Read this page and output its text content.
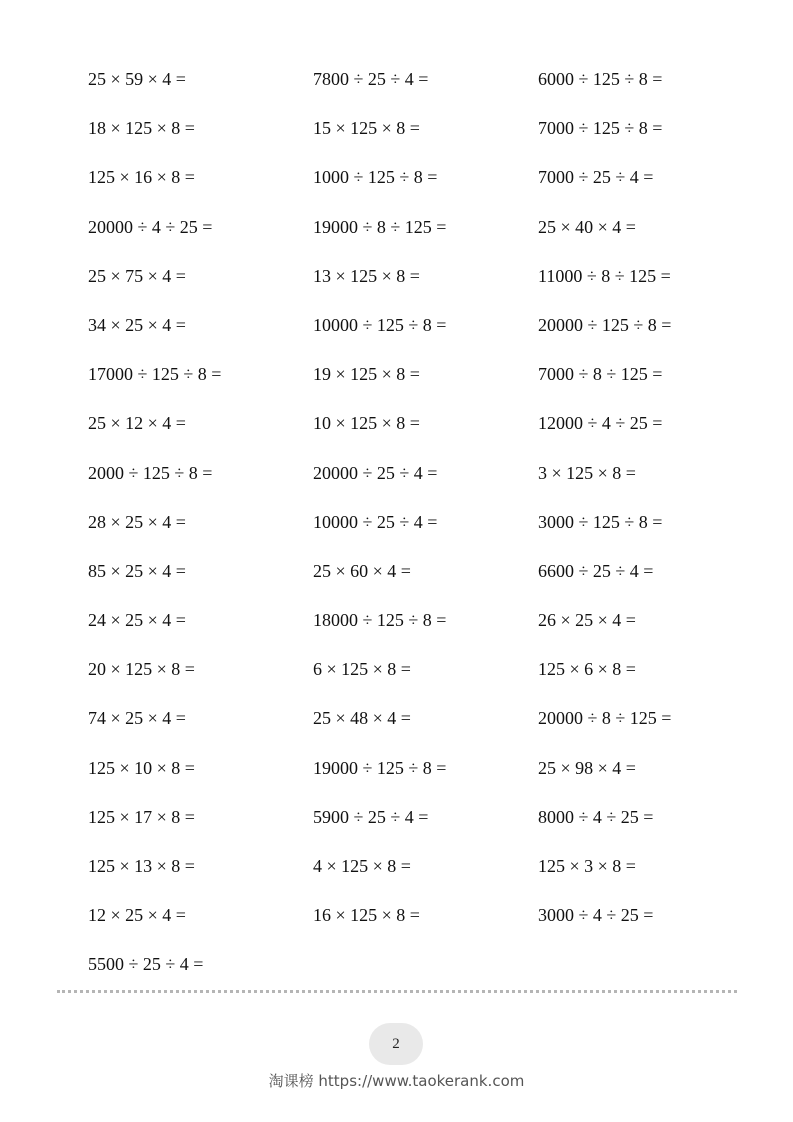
25 × 59 × 4 =	7800 ÷ 25 ÷ 4 =	6000 ÷ 125 ÷ 8 =
18 × 125 × 8 =	15 × 125 × 8 =	7000 ÷ 125 ÷ 8 =
125 × 16 × 8 =	1000 ÷ 125 ÷ 8 =	7000 ÷ 25 ÷ 4 =
20000 ÷ 4 ÷ 25 =	19000 ÷ 8 ÷ 125 =	25 × 40 × 4 =
25 × 75 × 4 =	13 × 125 × 8 =	11000 ÷ 8 ÷ 125 =
34 × 25 × 4 =	10000 ÷ 125 ÷ 8 =	20000 ÷ 125 ÷ 8 =
17000 ÷ 125 ÷ 8 =	19 × 125 × 8 =	7000 ÷ 8 ÷ 125 =
25 × 12 × 4 =	10 × 125 × 8 =	12000 ÷ 4 ÷ 25 =
2000 ÷ 125 ÷ 8 =	20000 ÷ 25 ÷ 4 =	3 × 125 × 8 =
28 × 25 × 4 =	10000 ÷ 25 ÷ 4 =	3000 ÷ 125 ÷ 8 =
85 × 25 × 4 =	25 × 60 × 4 =	6600 ÷ 25 ÷ 4 =
24 × 25 × 4 =	18000 ÷ 125 ÷ 8 =	26 × 25 × 4 =
20 × 125 × 8 =	6 × 125 × 8 =	125 × 6 × 8 =
74 × 25 × 4 =	25 × 48 × 4 =	20000 ÷ 8 ÷ 125 =
125 × 10 × 8 =	19000 ÷ 125 ÷ 8 =	25 × 98 × 4 =
125 × 17 × 8 =	5900 ÷ 25 ÷ 4 =	8000 ÷ 4 ÷ 25 =
125 × 13 × 8 =	4 × 125 × 8 =	125 × 3 × 8 =
12 × 25 × 4 =	16 × 125 × 8 =	3000 ÷ 4 ÷ 25 =
5500 ÷ 25 ÷ 4 =
2
淘课榜 https://www.taokerank.com
